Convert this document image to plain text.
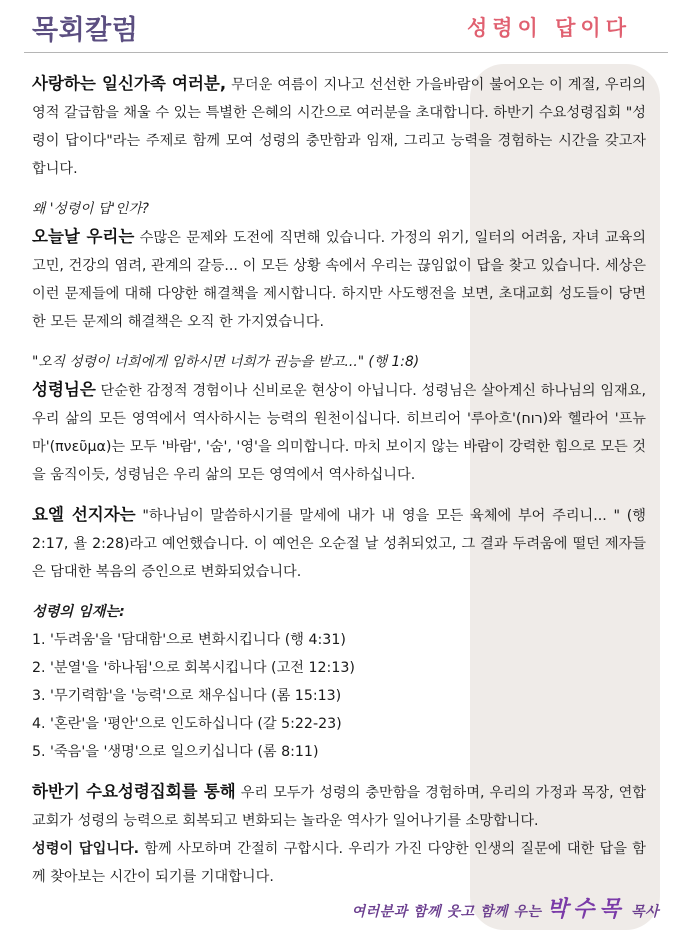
목회칼럼	성령이 답이다

사랑하는 일신가족 여러분, 무더운 여름이 지나고 선선한 가을바람이 불어오는 이 계절, 우리의 영적 갈급함을 채울 수 있는 특별한 은혜의 시간으로 여러분을 초대합니다. 하반기 수요성령집회 "성령이 답이다"라는 주제로 함께 모여 성령의 충만함과 임재, 그리고 능력을 경험하는 시간을 갖고자 합니다.

왜 '성령이 답'인가?

오늘날 우리는 수많은 문제와 도전에 직면해 있습니다. 가정의 위기, 일터의 어려움, 자녀 교육의 고민, 건강의 염려, 관계의 갈등... 이 모든 상황 속에서 우리는 끊임없이 답을 찾고 있습니다. 세상은 이런 문제들에 대해 다양한 해결책을 제시합니다. 하지만 사도행전을 보면, 초대교회 성도들이 당면한 모든 문제의 해결책은 오직 한 가지였습니다.

"오직 성령이 너희에게 임하시면 너희가 권능을 받고..." (행 1:8)

성령님은 단순한 감정적 경험이나 신비로운 현상이 아닙니다. 성령님은 살아계신 하나님의 임재요, 우리 삶의 모든 영역에서 역사하시는 능력의 원천이십니다. 히브리어 '루아흐'(רוח)와 헬라어 '프뉴마'(πνεῦμα)는 모두 '바람', '숨', '영'을 의미합니다. 마치 보이지 않는 바람이 강력한 힘으로 모든 것을 움직이듯, 성령님은 우리 삶의 모든 영역에서 역사하십니다.

요엘 선지자는 "하나님이 말씀하시기를 말세에 내가 내 영을 모든 육체에 부어 주리니... " (행 2:17, 욜 2:28)라고 예언했습니다. 이 예언은 오순절 날 성취되었고, 그 결과 두려움에 떨던 제자들은 담대한 복음의 증인으로 변화되었습니다.

성령의 임재는:
1. '두려움'을 '담대함'으로 변화시킵니다 (행 4:31)
2. '분열'을 '하나됨'으로 회복시킵니다 (고전 12:13)
3. '무기력함'을 '능력'으로 채우십니다 (롬 15:13)
4. '혼란'을 '평안'으로 인도하십니다 (갈 5:22-23)
5. '죽음'을 '생명'으로 일으키십니다 (롬 8:11)

하반기 수요성령집회를 통해 우리 모두가 성령의 충만함을 경험하며, 우리의 가정과 목장, 연합교회가 성령의 능력으로 회복되고 변화되는 놀라운 역사가 일어나기를 소망합니다.

성령이 답입니다. 함께 사모하며 간절히 구합시다. 우리가 가진 다양한 인생의 질문에 대한 답을 함께 찾아보는 시간이 되기를 기대합니다.

여러분과 함께 웃고 함께 우는 박수목 목사
